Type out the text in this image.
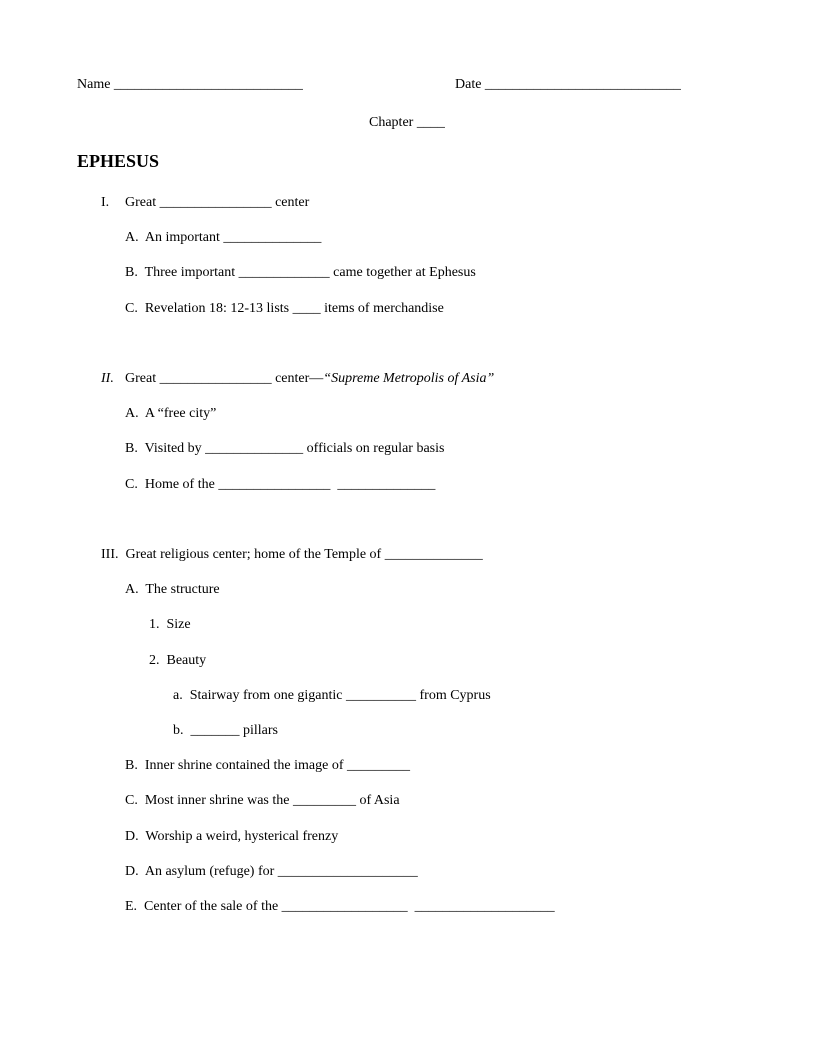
Name ___________________________	Date ____________________________
Chapter ____
EPHESUS
I. Great ________________ center
A.  An important ______________
B.  Three important _____________ came together at Ephesus
C.  Revelation 18: 12-13 lists ____ items of merchandise
II. Great ________________ center—“Supreme Metropolis of Asia”
A.  A “free city”
B.  Visited by ______________ officials on regular basis
C.  Home of the ________________  ______________
III.  Great religious center; home of the Temple of ______________
A.  The structure
1.  Size
2.  Beauty
a.  Stairway from one gigantic __________ from Cyprus
b.  _______ pillars
B.  Inner shrine contained the image of _________
C.  Most inner shrine was the _________ of Asia
D.  Worship a weird, hysterical frenzy
D.  An asylum (refuge) for ____________________
E.  Center of the sale of the __________________  ____________________
